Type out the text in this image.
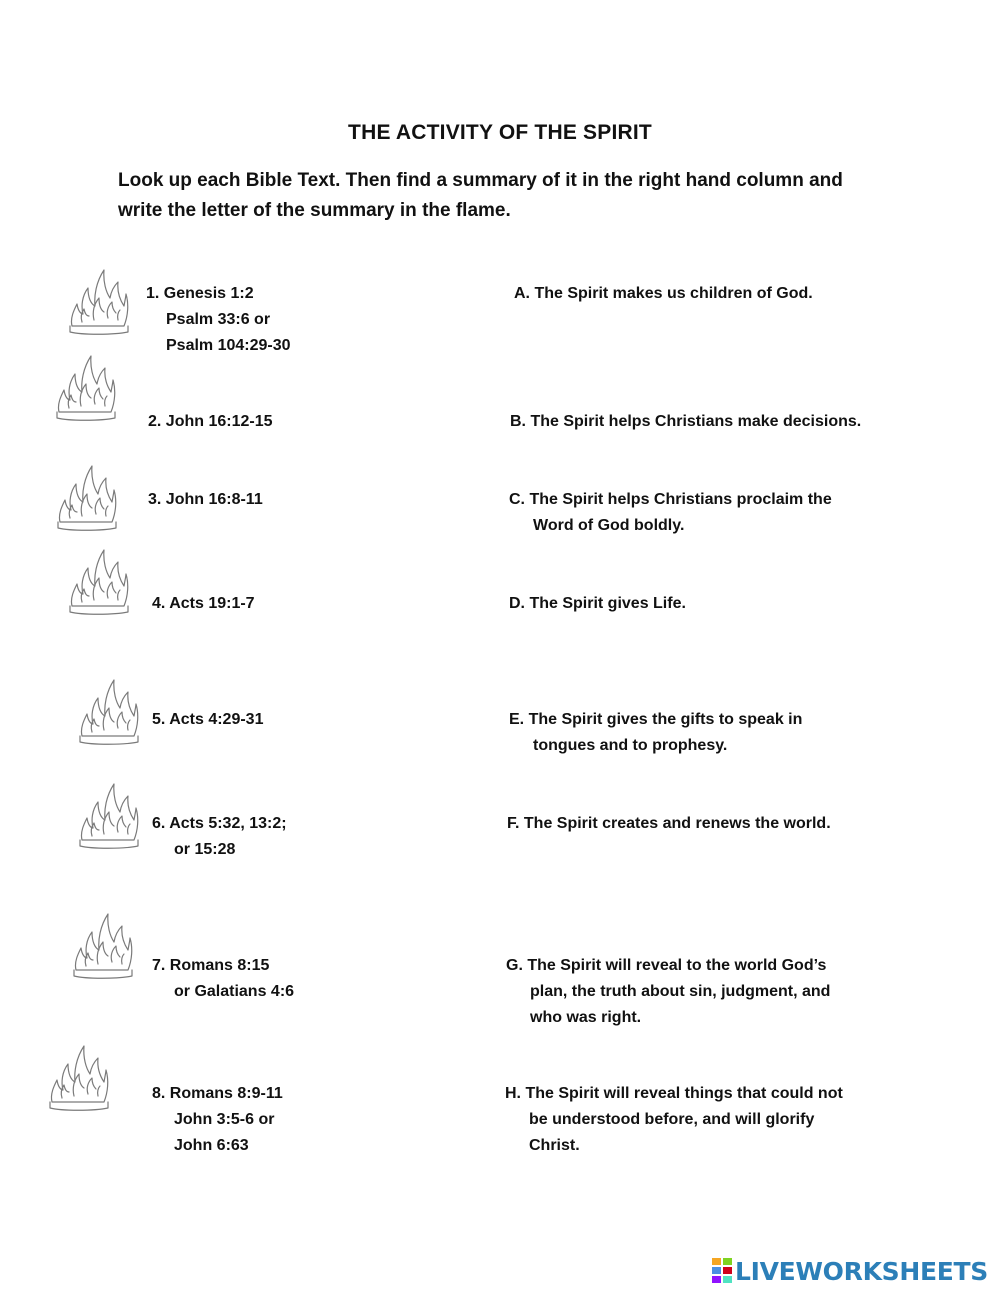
THE ACTIVITY OF THE SPIRIT
Look up each Bible Text. Then find a summary of it in the right hand column and
write the letter of the summary in the flame.
1. Genesis 1:2
Psalm 33:6 or
Psalm 104:29-30
2. John 16:12-15
3. John 16:8-11
4. Acts 19:1-7
5. Acts 4:29-31
6. Acts 5:32, 13:2;
or 15:28
7. Romans 8:15
or Galatians 4:6
8. Romans 8:9-11
John 3:5-6 or
John 6:63
A. The Spirit makes us children of God.
B. The Spirit helps Christians make decisions.
C. The Spirit helps Christians proclaim the
Word of God boldly.
D. The Spirit gives Life.
E. The Spirit gives the gifts to speak in
tongues and to prophesy.
F. The Spirit creates and renews the world.
G. The Spirit will reveal to the world God’s
plan, the truth about sin, judgment, and
who was right.
H. The Spirit will reveal things that could not
be understood before, and will glorify
Christ.
LIVEWORKSHEETS
